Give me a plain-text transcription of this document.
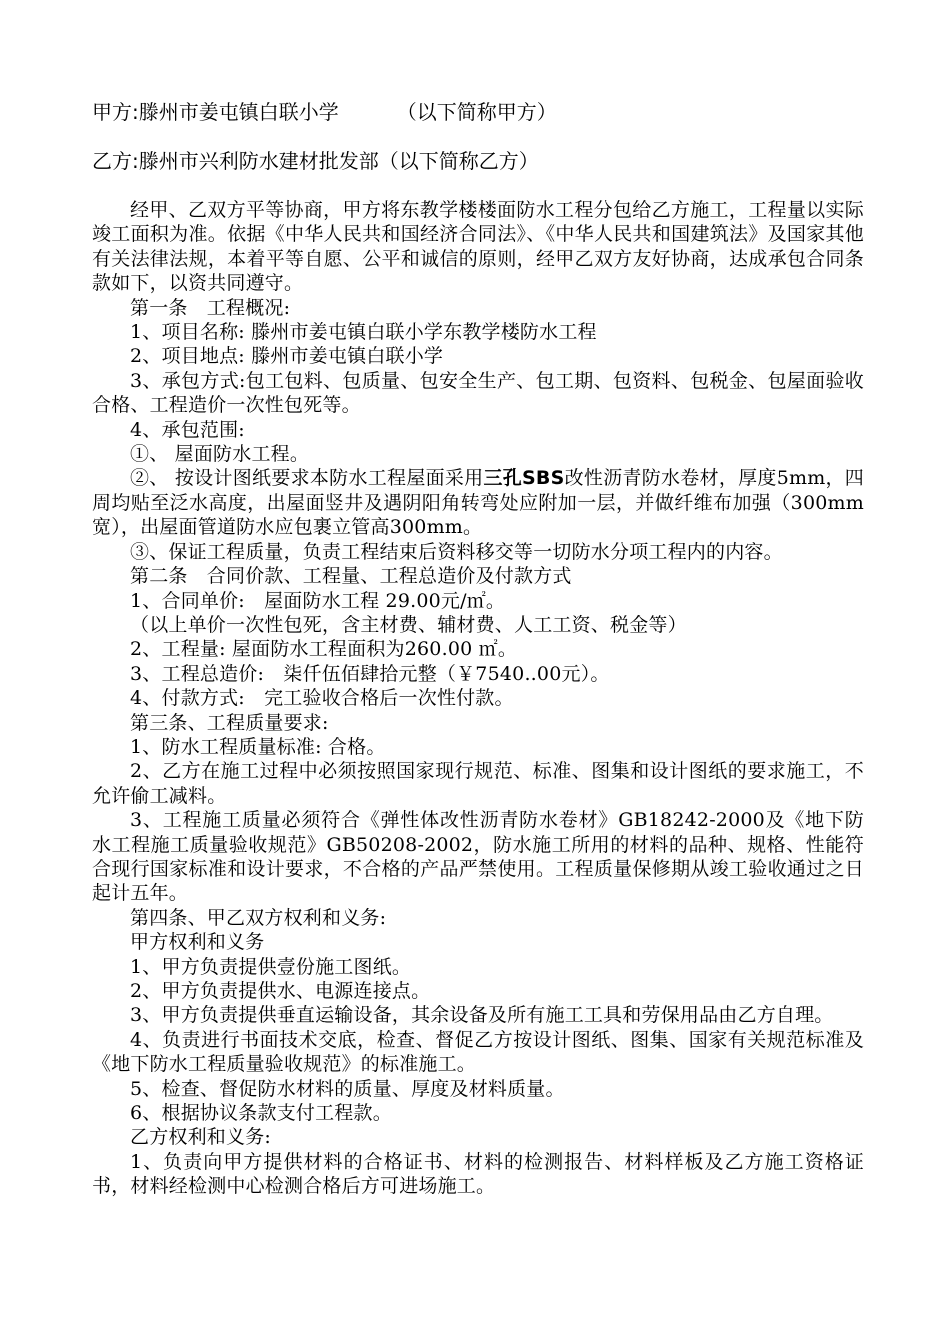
甲方:滕州市姜屯镇白联小学	（以下简称甲方）
乙方:滕州市兴利防水建材批发部（以下简称乙方）

经甲、乙双方平等协商，甲方将东教学楼楼面防水工程分包给乙方施工，工程量以实际竣工面积为准。依据《中华人民共和国经济合同法》、《中华人民共和国建筑法》及国家其他有关法律法规，本着平等自愿、公平和诚信的原则，经甲乙双方友好协商，达成承包合同条款如下，以资共同遵守。

第一条　工程概况:

1、项目名称: 滕州市姜屯镇白联小学东教学楼防水工程

2、项目地点: 滕州市姜屯镇白联小学

3、承包方式:包工包料、包质量、包安全生产、包工期、包资料、包税金、包屋面验收合格、工程造价一次性包死等。

4、承包范围:

①、 屋面防水工程。

②、 按设计图纸要求本防水工程屋面采用三孔SBS改性沥青防水卷材，厚度5mm，四周均贴至泛水高度，出屋面竖井及遇阴阳角转弯处应附加一层，并做纤维布加强（300mm宽），出屋面管道防水应包裹立管高300mm。

③、保证工程质量，负责工程结束后资料移交等一切防水分项工程内的内容。

第二条　合同价款、工程量、工程总造价及付款方式

1、合同单价:　屋面防水工程 29.00元/㎡。

（以上单价一次性包死，含主材费、辅材费、人工工资、税金等）

2、工程量: 屋面防水工程面积为260.00 ㎡。

3、工程总造价:　柒仟伍佰肆拾元整（￥7540..00元）。

4、付款方式:　完工验收合格后一次性付款。

第三条、工程质量要求:

1、防水工程质量标准: 合格。

2、乙方在施工过程中必须按照国家现行规范、标准、图集和设计图纸的要求施工，不允许偷工减料。

3、工程施工质量必须符合《弹性体改性沥青防水卷材》GB18242-2000及《地下防水工程施工质量验收规范》GB50208-2002，防水施工所用的材料的品种、规格、性能符合现行国家标准和设计要求，不合格的产品严禁使用。工程质量保修期从竣工验收通过之日起计五年。

第四条、甲乙双方权利和义务:

甲方权利和义务

1、甲方负责提供壹份施工图纸。

2、甲方负责提供水、电源连接点。

3、甲方负责提供垂直运输设备，其余设备及所有施工工具和劳保用品由乙方自理。

4、负责进行书面技术交底，检查、督促乙方按设计图纸、图集、国家有关规范标准及《地下防水工程质量验收规范》的标准施工。

5、检查、督促防水材料的质量、厚度及材料质量。

6、根据协议条款支付工程款。

乙方权利和义务:

1、负责向甲方提供材料的合格证书、材料的检测报告、材料样板及乙方施工资格证书，材料经检测中心检测合格后方可进场施工。
